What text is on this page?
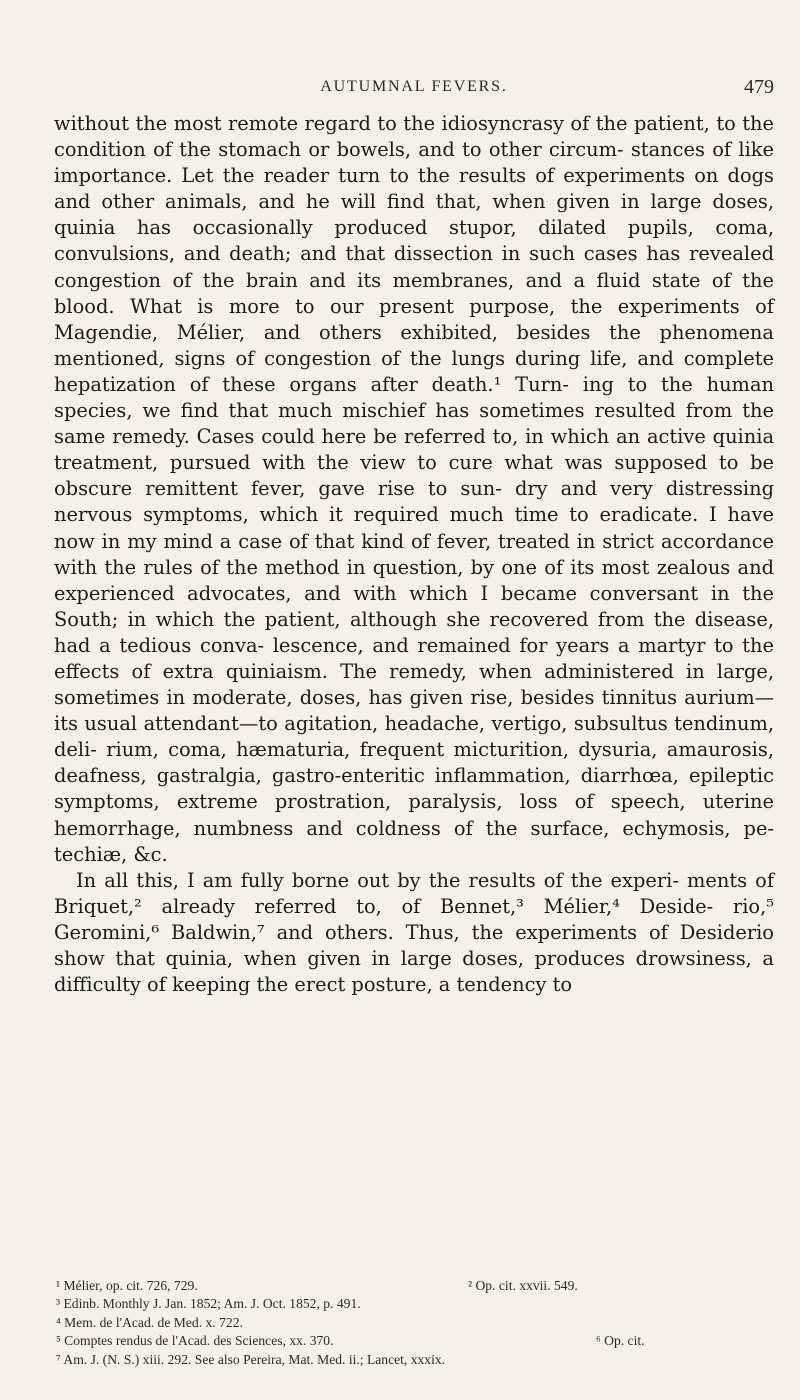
AUTUMNAL FEVERS.	479

without the most remote regard to the idiosyncrasy of the patient, to the condition of the stomach or bowels, and to other circum- stances of like importance. Let the reader turn to the results of experiments on dogs and other animals, and he will find that, when given in large doses, quinia has occasionally produced stupor, dilated pupils, coma, convulsions, and death; and that dissection in such cases has revealed congestion of the brain and its membranes, and a fluid state of the blood. What is more to our present purpose, the experiments of Magendie, Mélier, and others exhibited, besides the phenomena mentioned, signs of congestion of the lungs during life, and complete hepatization of these organs after death.¹ Turn- ing to the human species, we find that much mischief has sometimes resulted from the same remedy. Cases could here be referred to, in which an active quinia treatment, pursued with the view to cure what was supposed to be obscure remittent fever, gave rise to sun- dry and very distressing nervous symptoms, which it required much time to eradicate. I have now in my mind a case of that kind of fever, treated in strict accordance with the rules of the method in question, by one of its most zealous and experienced advocates, and with which I became conversant in the South; in which the patient, although she recovered from the disease, had a tedious conva- lescence, and remained for years a martyr to the effects of extra quiniaism. The remedy, when administered in large, sometimes in moderate, doses, has given rise, besides tinnitus aurium—its usual attendant—to agitation, headache, vertigo, subsultus tendinum, deli- rium, coma, hæmaturia, frequent micturition, dysuria, amaurosis, deafness, gastralgia, gastro-enteritic inflammation, diarrhœa, epileptic symptoms, extreme prostration, paralysis, loss of speech, uterine hemorrhage, numbness and coldness of the surface, echymosis, pe- techiæ, &c.

In all this, I am fully borne out by the results of the experi- ments of Briquet,² already referred to, of Bennet,³ Mélier,⁴ Deside- rio,⁵ Geromini,⁶ Baldwin,⁷ and others. Thus, the experiments of Desiderio show that quinia, when given in large doses, produces drowsiness, a difficulty of keeping the erect posture, a tendency to

¹ Mélier, op. cit. 726, 729.	² Op. cit. xxvii. 549.
³ Edinb. Monthly J. Jan. 1852; Am. J. Oct. 1852, p. 491.
⁴ Mem. de l'Acad. de Med. x. 722.
⁵ Comptes rendus de l'Acad. des Sciences, xx. 370.	⁶ Op. cit.
⁷ Am. J. (N. S.) xiii. 292. See also Pereira, Mat. Med. ii.; Lancet, xxxix.
